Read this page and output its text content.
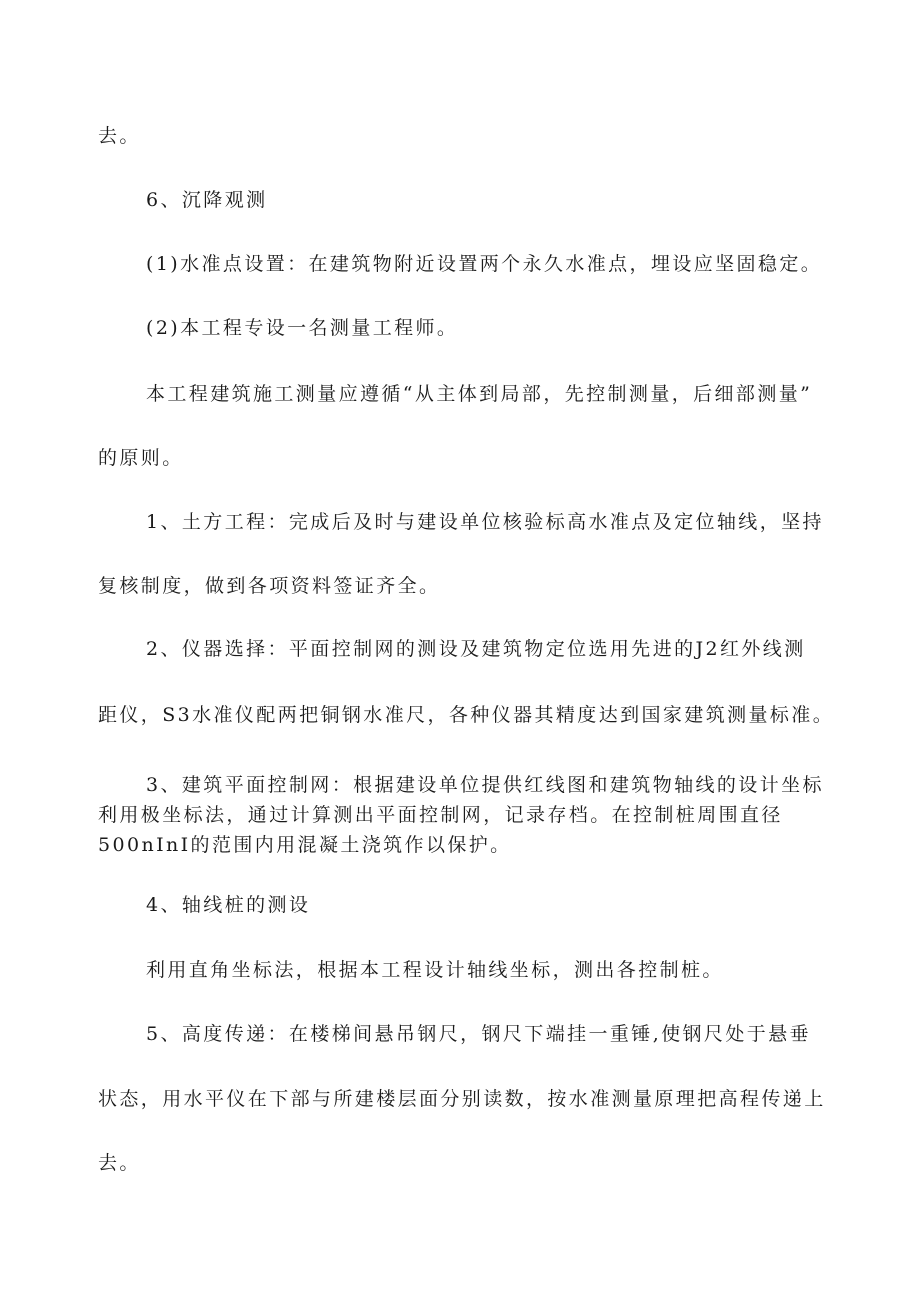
去。
6、沉降观测
(1)水准点设置：在建筑物附近设置两个永久水准点，埋设应坚固稳定。
(2)本工程专设一名测量工程师。
本工程建筑施工测量应遵循“从主体到局部，先控制测量，后细部测量”
的原则。
1、土方工程：完成后及时与建设单位核验标高水准点及定位轴线，坚持
复核制度，做到各项资料签证齐全。
2、仪器选择：平面控制网的测设及建筑物定位选用先进的J2红外线测
距仪，S3水准仪配两把铜钢水准尺，各种仪器其精度达到国家建筑测量标准。
3、建筑平面控制网：根据建设单位提供红线图和建筑物轴线的设计坐标
利用极坐标法，通过计算测出平面控制网，记录存档。在控制桩周围直径
500nInI的范围内用混凝土浇筑作以保护。
4、轴线桩的测设
利用直角坐标法，根据本工程设计轴线坐标，测出各控制桩。
5、高度传递：在楼梯间悬吊钢尺，钢尺下端挂一重锤,使钢尺处于悬垂
状态，用水平仪在下部与所建楼层面分别读数，按水准测量原理把高程传递上
去。
